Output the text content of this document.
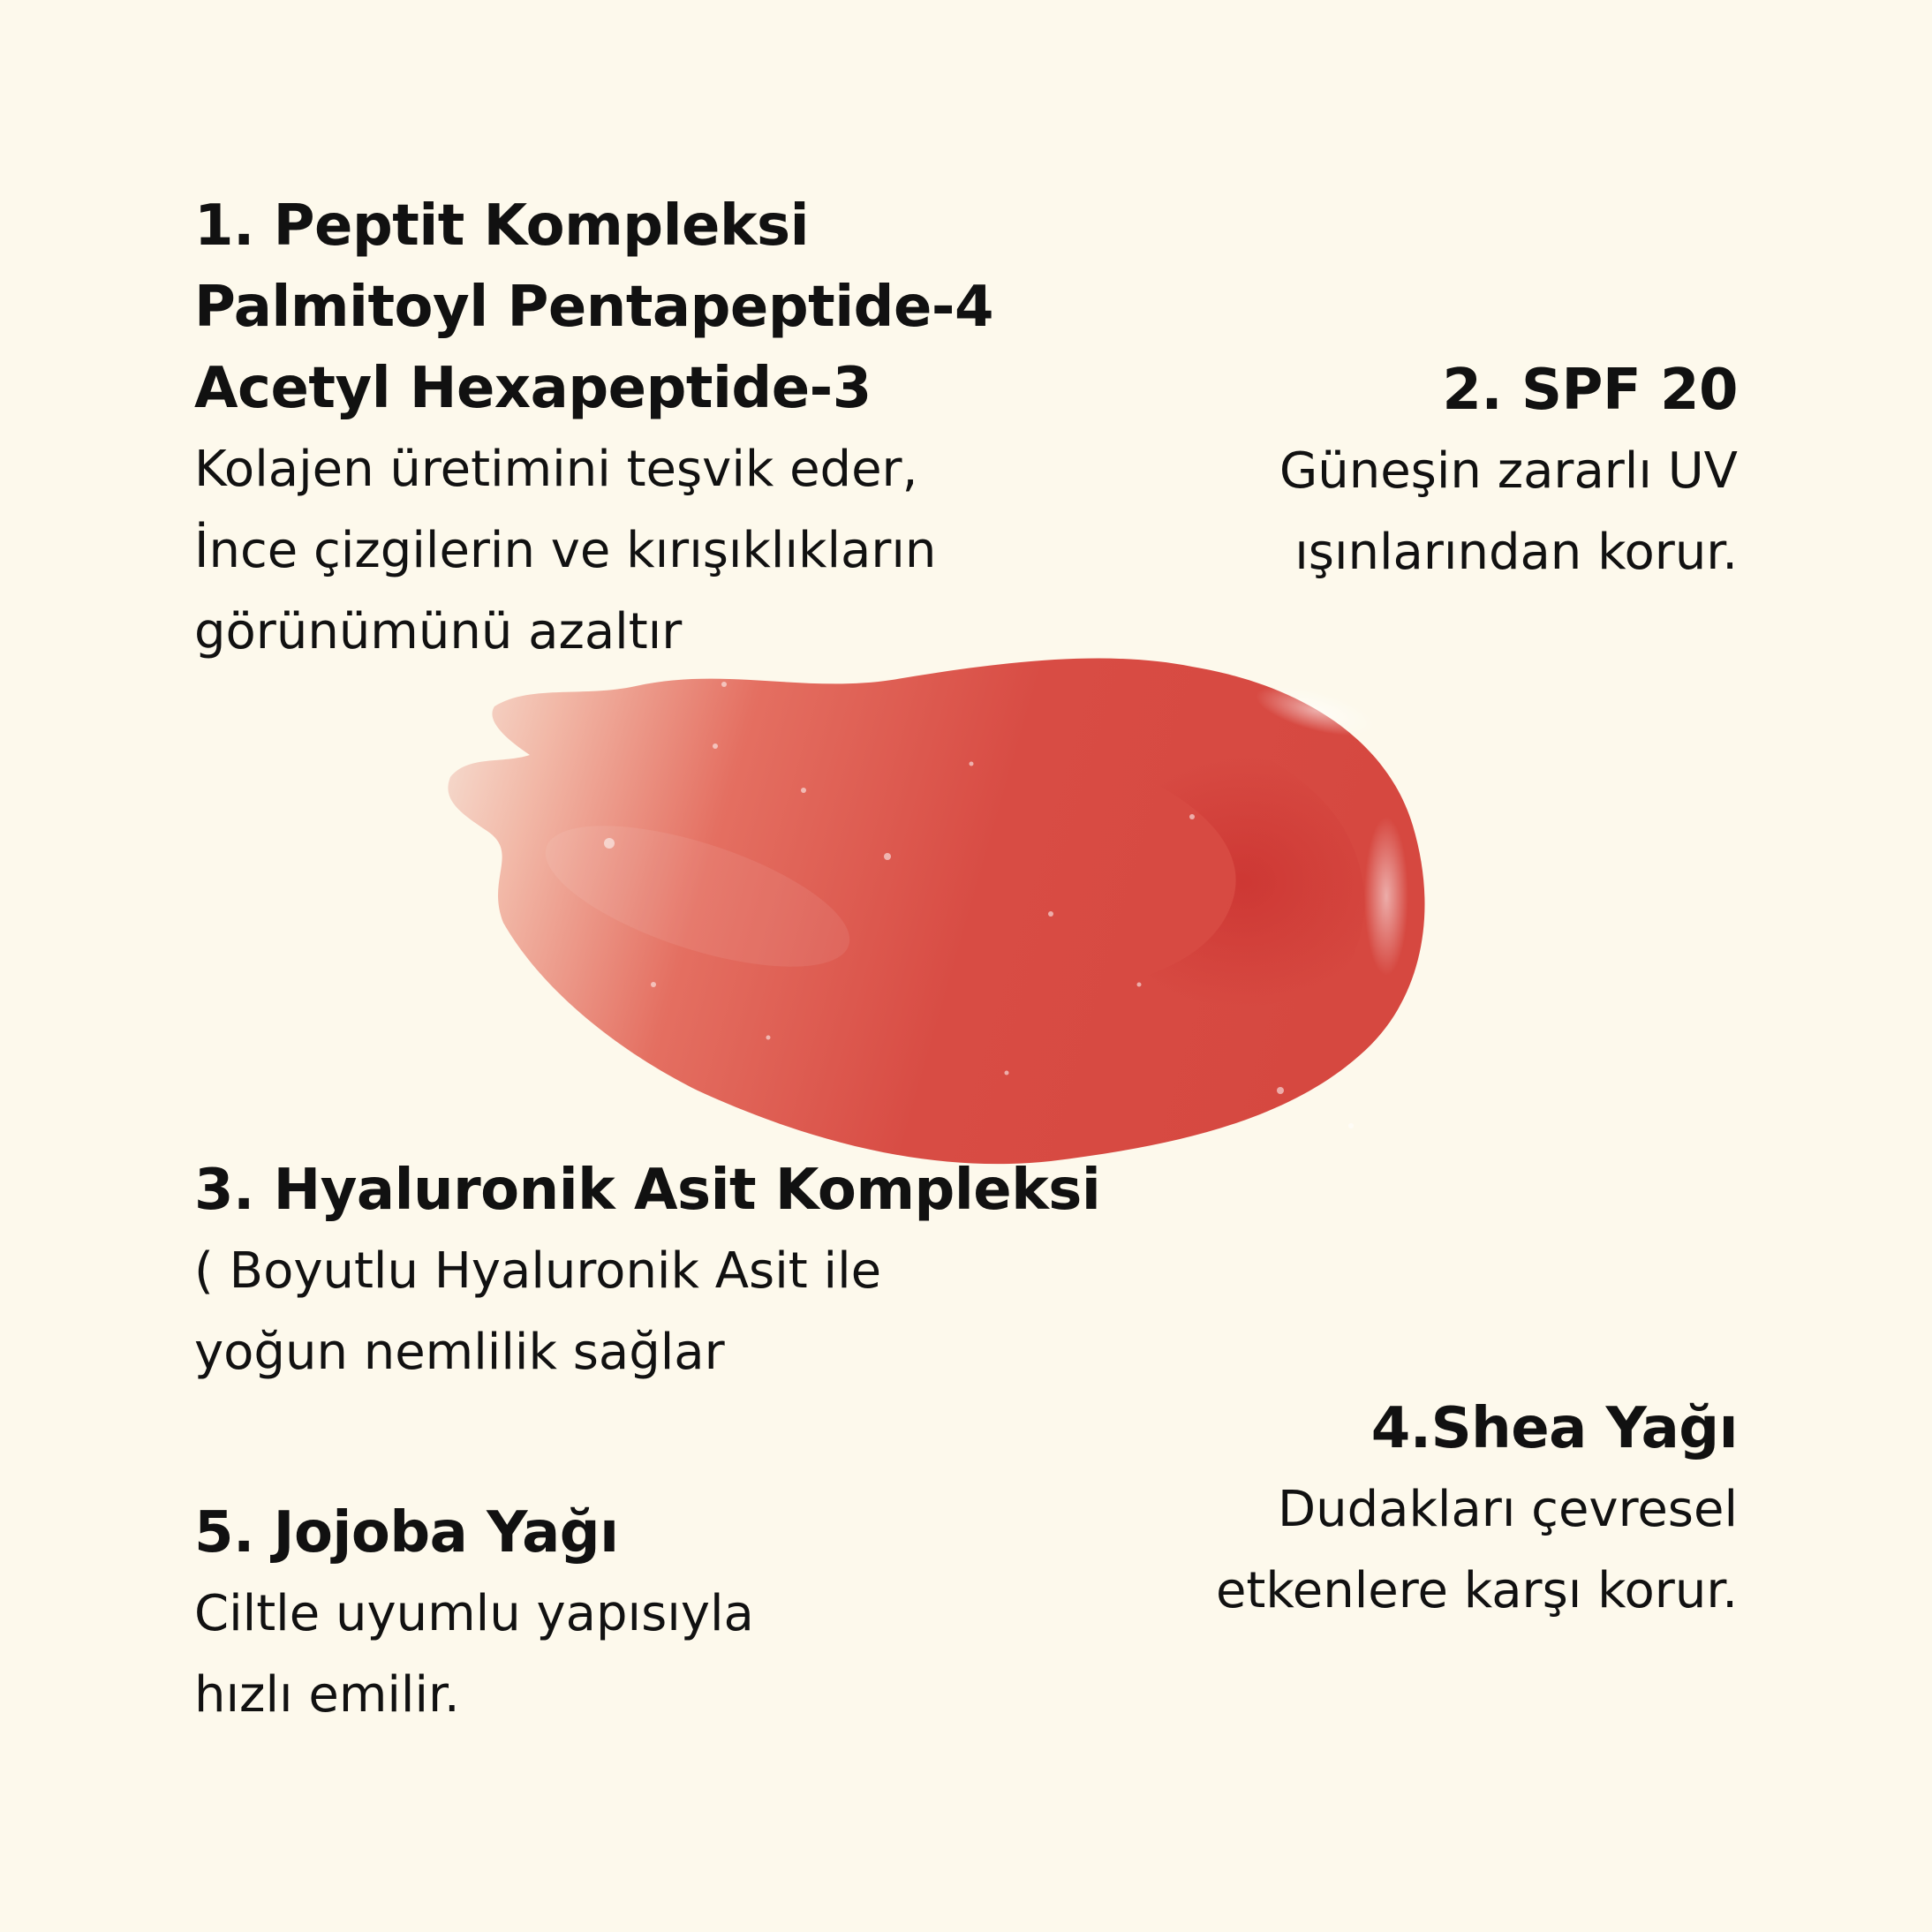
1. Peptit Kompleksi
Palmitoyl Pentapeptide-4
Acetyl Hexapeptide-3
Kolajen üretimini teşvik eder,
İnce çizgilerin ve kırışıklıkların
görünümünü azaltır
2. SPF 20
Güneşin zararlı UV
ışınlarından korur.
3. Hyaluronik Asit Kompleksi
( Boyutlu Hyaluronik Asit ile
yoğun nemlilik sağlar
4.Shea Yağı
Dudakları çevresel
etkenlere karşı korur.
5. Jojoba Yağı
Ciltle uyumlu yapısıyla
hızlı emilir.
